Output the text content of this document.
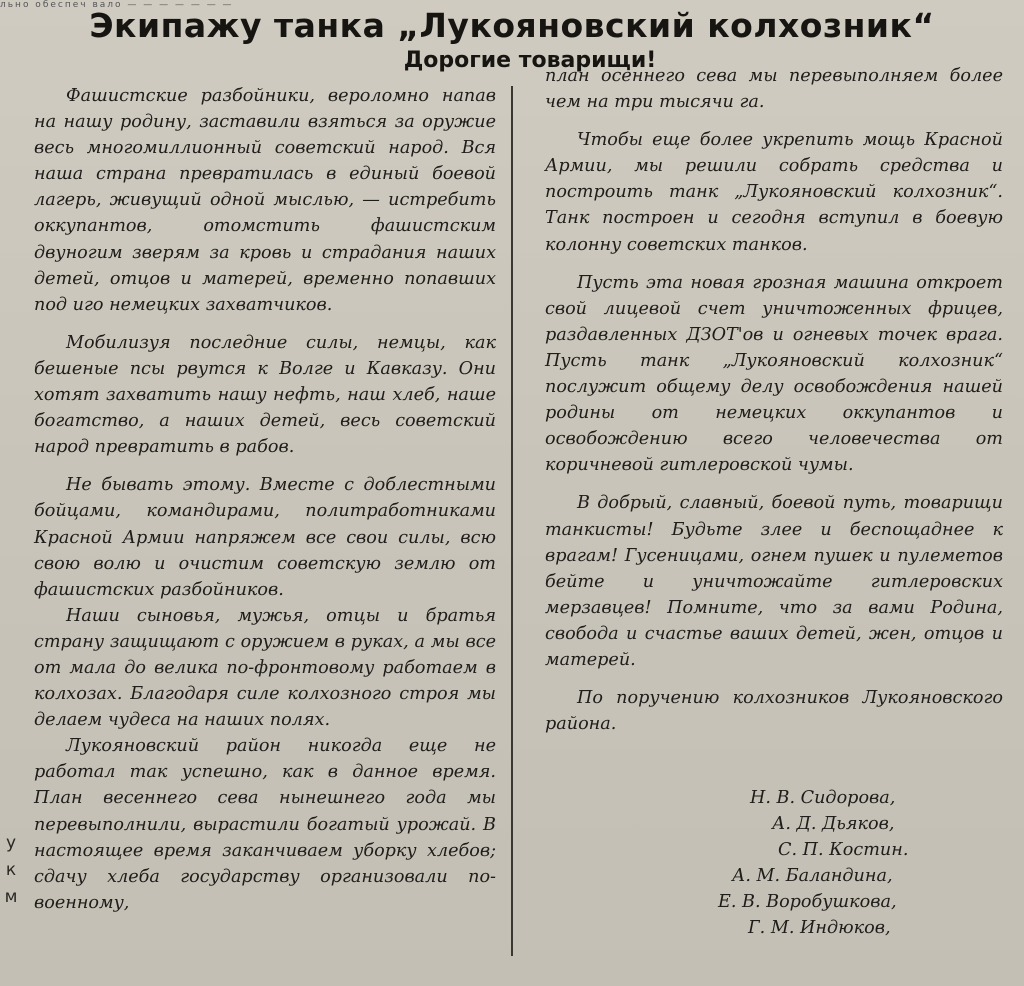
льно обеспеч вало — — — — — — —
Экипажу танка „Лукояновский колхозник“
Дорогие товарищи!

Фашистские разбойники, вероломно напав на нашу родину, заставили взяться за оружие весь многомиллионный советский народ. Вся наша страна превратилась в единый боевой лагерь, живущий одной мыслью, — истребить оккупантов, отомстить фашистским двуногим зверям за кровь и страдания наших детей, отцов и матерей, временно попавших под иго немецких захватчиков.

Мобилизуя последние силы, немцы, как бешеные псы рвутся к Волге и Кавказу. Они хотят захватить нашу нефть, наш хлеб, наше богатство, а наших детей, весь советский народ превратить в рабов.

Не бывать этому. Вместе с доблестными бойцами, командирами, политработниками Красной Армии напряжем все свои силы, всю свою волю и очистим советскую землю от фашистских разбойников.

Наши сыновья, мужья, отцы и братья страну защищают с оружием в руках, а мы все от мала до велика по-фронтовому работаем в колхозах. Благодаря силе колхозного строя мы делаем чудеса на наших полях.

Лукояновский район никогда еще не работал так успешно, как в данное время. План весеннего сева нынешнего года мы перевыполнили, вырастили богатый урожай. В настоящее время заканчиваем уборку хлебов; сдачу хлеба государству организовали по-военному,

план осеннего сева мы перевыполняем более чем на три тысячи га.

Чтобы еще более укрепить мощь Красной Армии, мы решили собрать средства и построить танк „Лукояновский колхозник“. Танк построен и сегодня вступил в боевую колонну советских танков.

Пусть эта новая грозная машина откроет свой лицевой счет уничтоженных фрицев, раздавленных ДЗОТ'ов и огневых точек врага. Пусть танк „Лукояновский колхозник“ послужит общему делу освобождения нашей родины от немецких оккупантов и освобождению всего человечества от коричневой гитлеровской чумы.

В добрый, славный, боевой путь, товарищи танкисты! Будьте злее и беспощаднее к врагам! Гусеницами, огнем пушек и пулеметов бейте и уничтожайте гитлеровских мерзавцев! Помните, что за вами Родина, свобода и счастье ваших детей, жен, отцов и матерей.

По поручению колхозников Лукояновского района.

Н. В. Сидорова,
А. Д. Дьяков,
С. П. Костин.
А. М. Баландина,
Е. В. Воробушкова,
Г. М. Индюков,
у
к
м
